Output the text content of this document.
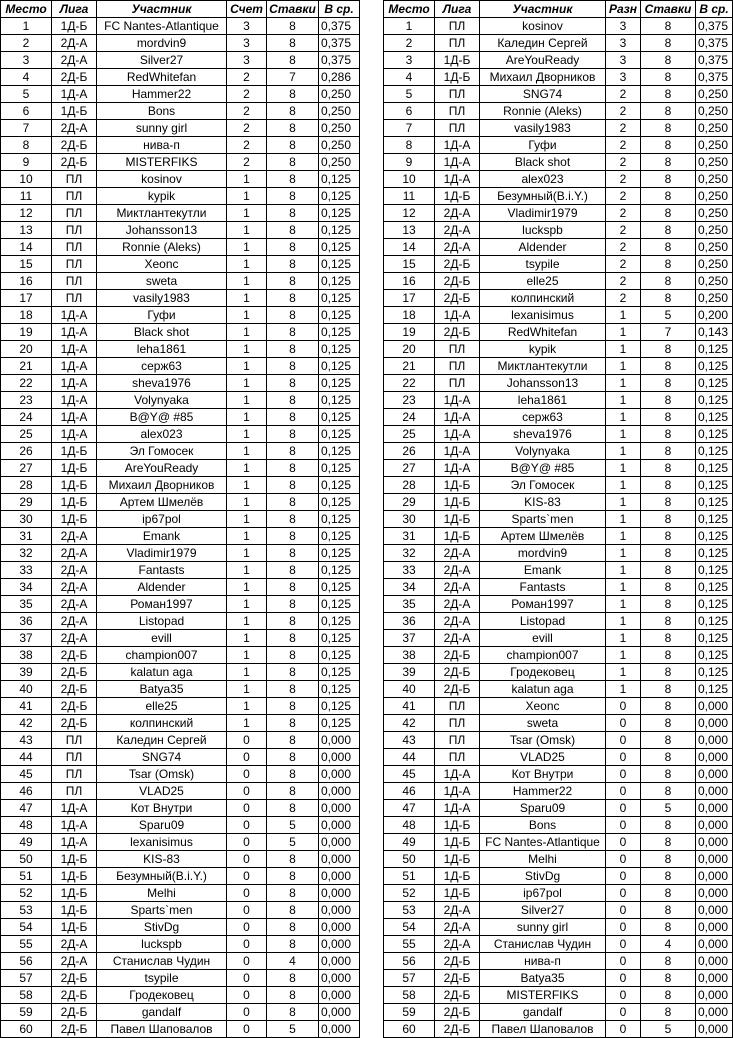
Место	Лига	Участник	Счет	Ставки	В ср.
1	1Д-Б	FC Nantes-Atlantique	3	8	0,375
2	2Д-А	mordvin9	3	8	0,375
3	2Д-А	Silver27	3	8	0,375
4	2Д-Б	RedWhitefan	2	7	0,286
5	1Д-А	Hammer22	2	8	0,250
6	1Д-Б	Bons	2	8	0,250
7	2Д-А	sunny girl	2	8	0,250
8	2Д-Б	нива-п	2	8	0,250
9	2Д-Б	MISTERFIKS	2	8	0,250
10	ПЛ	kosinov	1	8	0,125
11	ПЛ	kypik	1	8	0,125
12	ПЛ	Миктлантекутли	1	8	0,125
13	ПЛ	Johansson13	1	8	0,125
14	ПЛ	Ronnie (Aleks)	1	8	0,125
15	ПЛ	Xeonc	1	8	0,125
16	ПЛ	sweta	1	8	0,125
17	ПЛ	vasily1983	1	8	0,125
18	1Д-А	Гуфи	1	8	0,125
19	1Д-А	Black shot	1	8	0,125
20	1Д-А	leha1861	1	8	0,125
21	1Д-А	серж63	1	8	0,125
22	1Д-А	sheva1976	1	8	0,125
23	1Д-А	Volynyaka	1	8	0,125
24	1Д-А	B@Y@ #85	1	8	0,125
25	1Д-А	alex023	1	8	0,125
26	1Д-Б	Эл Гомосек	1	8	0,125
27	1Д-Б	AreYouReady	1	8	0,125
28	1Д-Б	Михаил Дворников	1	8	0,125
29	1Д-Б	Артем Шмелёв	1	8	0,125
30	1Д-Б	ip67pol	1	8	0,125
31	2Д-А	Emank	1	8	0,125
32	2Д-А	Vladimir1979	1	8	0,125
33	2Д-А	Fantasts	1	8	0,125
34	2Д-А	Aldender	1	8	0,125
35	2Д-А	Роман1997	1	8	0,125
36	2Д-А	Listopad	1	8	0,125
37	2Д-А	evill	1	8	0,125
38	2Д-Б	champion007	1	8	0,125
39	2Д-Б	kalatun aga	1	8	0,125
40	2Д-Б	Batya35	1	8	0,125
41	2Д-Б	elle25	1	8	0,125
42	2Д-Б	колпинский	1	8	0,125
43	ПЛ	Каледин Сергей	0	8	0,000
44	ПЛ	SNG74	0	8	0,000
45	ПЛ	Tsar (Omsk)	0	8	0,000
46	ПЛ	VLAD25	0	8	0,000
47	1Д-А	Кот Внутри	0	8	0,000
48	1Д-А	Sparu09	0	5	0,000
49	1Д-А	lexanisimus	0	5	0,000
50	1Д-Б	KIS-83	0	8	0,000
51	1Д-Б	Безумный(B.i.Y.)	0	8	0,000
52	1Д-Б	Melhi	0	8	0,000
53	1Д-Б	Sparts`men	0	8	0,000
54	1Д-Б	StivDg	0	8	0,000
55	2Д-А	luckspb	0	8	0,000
56	2Д-А	Станислав Чудин	0	4	0,000
57	2Д-Б	tsypile	0	8	0,000
58	2Д-Б	Гродековец	0	8	0,000
59	2Д-Б	gandalf	0	8	0,000
60	2Д-Б	Павел Шаповалов	0	5	0,000
Место	Лига	Участник	Разн	Ставки	В ср.
1	ПЛ	kosinov	3	8	0,375
2	ПЛ	Каледин Сергей	3	8	0,375
3	1Д-Б	AreYouReady	3	8	0,375
4	1Д-Б	Михаил Дворников	3	8	0,375
5	ПЛ	SNG74	2	8	0,250
6	ПЛ	Ronnie (Aleks)	2	8	0,250
7	ПЛ	vasily1983	2	8	0,250
8	1Д-А	Гуфи	2	8	0,250
9	1Д-А	Black shot	2	8	0,250
10	1Д-А	alex023	2	8	0,250
11	1Д-Б	Безумный(B.i.Y.)	2	8	0,250
12	2Д-А	Vladimir1979	2	8	0,250
13	2Д-А	luckspb	2	8	0,250
14	2Д-А	Aldender	2	8	0,250
15	2Д-Б	tsypile	2	8	0,250
16	2Д-Б	elle25	2	8	0,250
17	2Д-Б	колпинский	2	8	0,250
18	1Д-А	lexanisimus	1	5	0,200
19	2Д-Б	RedWhitefan	1	7	0,143
20	ПЛ	kypik	1	8	0,125
21	ПЛ	Миктлантекутли	1	8	0,125
22	ПЛ	Johansson13	1	8	0,125
23	1Д-А	leha1861	1	8	0,125
24	1Д-А	серж63	1	8	0,125
25	1Д-А	sheva1976	1	8	0,125
26	1Д-А	Volynyaka	1	8	0,125
27	1Д-А	B@Y@ #85	1	8	0,125
28	1Д-Б	Эл Гомосек	1	8	0,125
29	1Д-Б	KIS-83	1	8	0,125
30	1Д-Б	Sparts`men	1	8	0,125
31	1Д-Б	Артем Шмелёв	1	8	0,125
32	2Д-А	mordvin9	1	8	0,125
33	2Д-А	Emank	1	8	0,125
34	2Д-А	Fantasts	1	8	0,125
35	2Д-А	Роман1997	1	8	0,125
36	2Д-А	Listopad	1	8	0,125
37	2Д-А	evill	1	8	0,125
38	2Д-Б	champion007	1	8	0,125
39	2Д-Б	Гродековец	1	8	0,125
40	2Д-Б	kalatun aga	1	8	0,125
41	ПЛ	Xeonc	0	8	0,000
42	ПЛ	sweta	0	8	0,000
43	ПЛ	Tsar (Omsk)	0	8	0,000
44	ПЛ	VLAD25	0	8	0,000
45	1Д-А	Кот Внутри	0	8	0,000
46	1Д-А	Hammer22	0	8	0,000
47	1Д-А	Sparu09	0	5	0,000
48	1Д-Б	Bons	0	8	0,000
49	1Д-Б	FC Nantes-Atlantique	0	8	0,000
50	1Д-Б	Melhi	0	8	0,000
51	1Д-Б	StivDg	0	8	0,000
52	1Д-Б	ip67pol	0	8	0,000
53	2Д-А	Silver27	0	8	0,000
54	2Д-А	sunny girl	0	8	0,000
55	2Д-А	Станислав Чудин	0	4	0,000
56	2Д-Б	нива-п	0	8	0,000
57	2Д-Б	Batya35	0	8	0,000
58	2Д-Б	MISTERFIKS	0	8	0,000
59	2Д-Б	gandalf	0	8	0,000
60	2Д-Б	Павел Шаповалов	0	5	0,000
